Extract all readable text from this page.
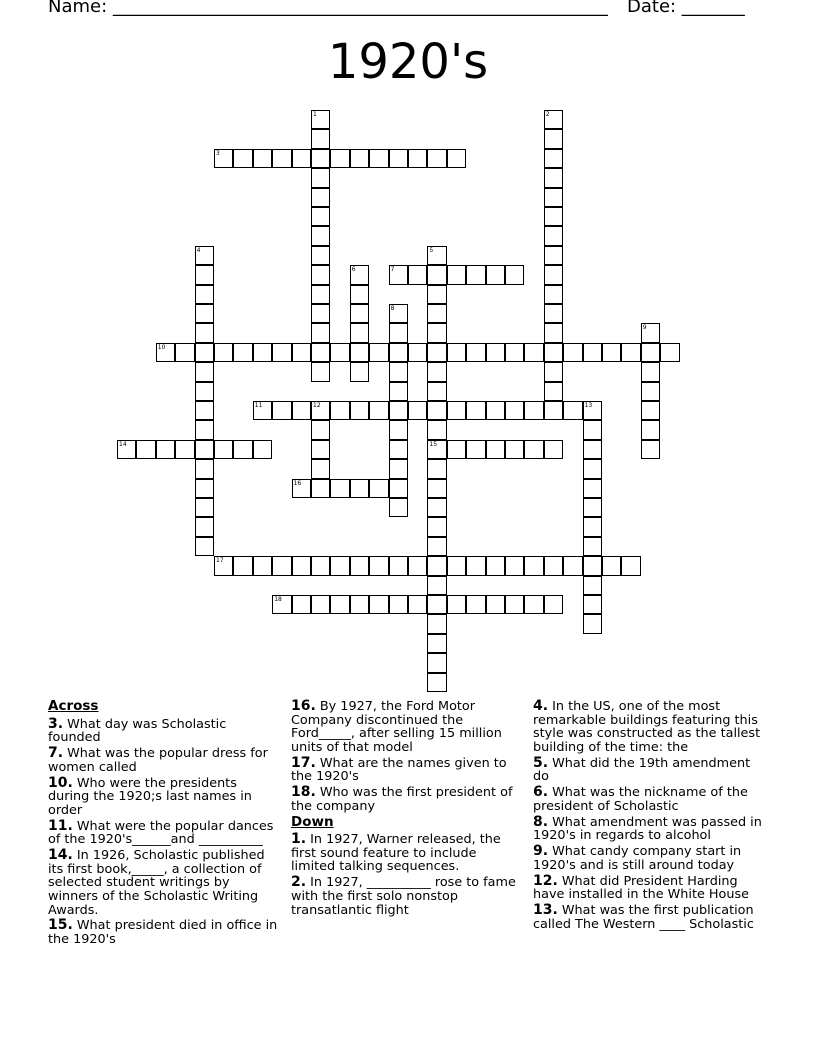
Name: _______________________________________________________ Date: _______
1920's
1	2
3
4	5
15
6	7
8
9
10
11	12	13
14
16
17
18
Across
3. What day was Scholastic founded
7. What was the popular dress for women called
10. Who were the presidents during the 1920;s last names in order
11. What were the popular dances of the 1920's______and __________
14. In 1926, Scholastic published its first book,_____, a collection of selected student writings by winners of the Scholastic Writing Awards.
15. What president died in office in the 1920's
16. By 1927, the Ford Motor Company discontinued the Ford_____, after selling 15 million units of that model
17. What are the names given to the 1920's
18. Who was the first president of the company
Down
1. In 1927, Warner released, the first sound feature to include limited talking sequences.
2. In 1927, __________ rose to fame with the first solo nonstop transatlantic flight
4. In the US, one of the most remarkable buildings featuring this style was constructed as the tallest building of the time: the
5. What did the 19th amendment do
6. What was the nickname of the president of Scholastic
8. What amendment was passed in 1920's in regards to alcohol
9. What candy company start in 1920's and is still around today
12. What did President Harding have installed in the White House
13. What was the first publication called The Western ____ Scholastic
